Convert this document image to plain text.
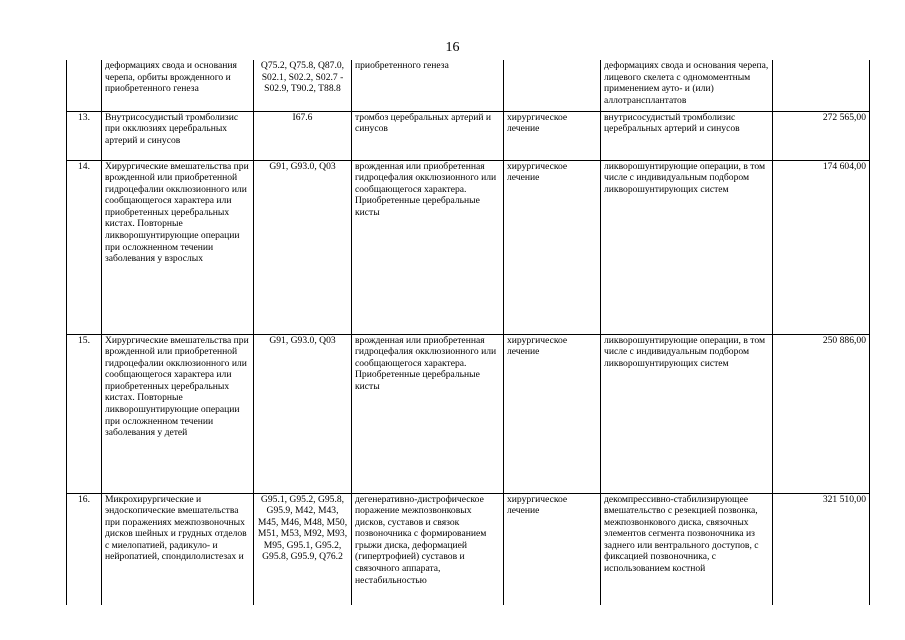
16
	деформациях свода и основания черепа, орбиты врожденного и приобретенного генеза	Q75.2, Q75.8, Q87.0, S02.1, S02.2, S02.7 - S02.9, T90.2, T88.8	приобретенного генеза		деформациях свода и основания черепа, лицевого скелета с одномоментным применением ауто- и (или) аллотрансплантатов	
13.	Внутрисосудистый тромболизис при окклюзиях церебральных артерий и синусов	I67.6	тромбоз церебральных артерий и синусов	хирургическое лечение	внутрисосудистый тромболизис церебральных артерий и синусов	272 565,00
14.	Хирургические вмешательства при врожденной или приобретенной гидроцефалии окклюзионного или сообщающегося характера или приобретенных церебральных кистах. Повторные ликворошунтирующие операции при осложненном течении заболевания у взрослых	G91, G93.0, Q03	врожденная или приобретенная гидроцефалия окклюзионного или сообщающегося характера. Приобретенные церебральные кисты	хирургическое лечение	ликворошунтирующие операции, в том числе с индивидуальным подбором ликворошунтирующих систем	174 604,00
15.	Хирургические вмешательства при врожденной или приобретенной гидроцефалии окклюзионного или сообщающегося характера или приобретенных церебральных кистах. Повторные ликворошунтирующие операции при осложненном течении заболевания у детей	G91, G93.0, Q03	врожденная или приобретенная гидроцефалия окклюзионного или сообщающегося характера. Приобретенные церебральные кисты	хирургическое лечение	ликворошунтирующие операции, в том числе с индивидуальным подбором ликворошунтирующих систем	250 886,00
16.	Микрохирургические и эндоскопические вмешательства при поражениях межпозвоночных дисков шейных и грудных отделов с миелопатией, радикуло- и нейропатией, спондилолистезах и	G95.1, G95.2, G95.8, G95.9, M42, M43, M45, M46, M48, M50, M51, M53, M92, M93, M95, G95.1, G95.2, G95.8, G95.9, Q76.2	дегенеративно-дистрофическое поражение межпозвонковых дисков, суставов и связок позвоночника с формированием грыжи диска, деформацией (гипертрофией) суставов и связочного аппарата, нестабильностью	хирургическое лечение	декомпрессивно-стабилизирующее вмешательство с резекцией позвонка, межпозвонкового диска, связочных элементов сегмента позвоночника из заднего или вентрального доступов, с фиксацией позвоночника, с использованием костной	321 510,00
